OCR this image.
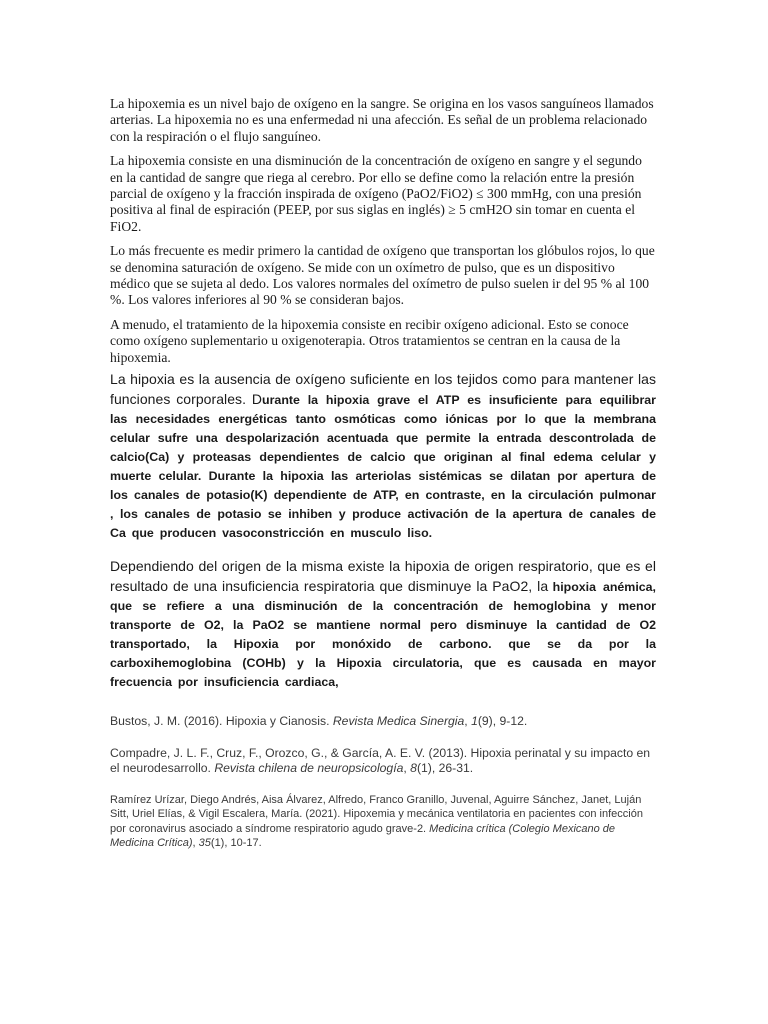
La hipoxemia es un nivel bajo de oxígeno en la sangre. Se origina en los vasos sanguíneos llamados arterias. La hipoxemia no es una enfermedad ni una afección. Es señal de un problema relacionado con la respiración o el flujo sanguíneo.

La hipoxemia consiste en una disminución de la concentración de oxígeno en sangre y el segundo en la cantidad de sangre que riega al cerebro. Por ello se define como la relación entre la presión parcial de oxígeno y la fracción inspirada de oxígeno (PaO2/FiO2) ≤ 300 mmHg, con una presión positiva al final de espiración (PEEP, por sus siglas en inglés) ≥ 5 cmH2O sin tomar en cuenta el FiO2.

Lo más frecuente es medir primero la cantidad de oxígeno que transportan los glóbulos rojos, lo que se denomina saturación de oxígeno. Se mide con un oxímetro de pulso, que es un dispositivo médico que se sujeta al dedo. Los valores normales del oxímetro de pulso suelen ir del 95 % al 100 %. Los valores inferiores al 90 % se consideran bajos.

A menudo, el tratamiento de la hipoxemia consiste en recibir oxígeno adicional. Esto se conoce como oxígeno suplementario u oxigenoterapia. Otros tratamientos se centran en la causa de la hipoxemia.

La hipoxia es la ausencia de oxígeno suficiente en los tejidos como para mantener las funciones corporales. Durante la hipoxia grave el ATP es insuficiente para equilibrar las necesidades energéticas tanto osmóticas como iónicas por lo que la membrana celular sufre una despolarización acentuada que permite la entrada descontrolada de calcio(Ca) y proteasas dependientes de calcio que originan al final edema celular y muerte celular. Durante la hipoxia las arteriolas sistémicas se dilatan por apertura de los canales de potasio(K) dependiente de ATP, en contraste, en la circulación pulmonar , los canales de potasio se inhiben y produce activación de la apertura de canales de Ca que producen vasoconstricción en musculo liso.

Dependiendo del origen de la misma existe la hipoxia de origen respiratorio, que es el resultado de una insuficiencia respiratoria que disminuye la PaO2, la hipoxia anémica, que se refiere a una disminución de la concentración de hemoglobina y menor transporte de O2, la PaO2 se mantiene normal pero disminuye la cantidad de O2 transportado, la Hipoxia por monóxido de carbono. que se da por la carboxihemoglobina (COHb) y la Hipoxia circulatoria, que es causada en mayor frecuencia por insuficiencia cardiaca,

Bustos, J. M. (2016). Hipoxia y Cianosis. Revista Medica Sinergia, 1(9), 9-12.

Compadre, J. L. F., Cruz, F., Orozco, G., & García, A. E. V. (2013). Hipoxia perinatal y su impacto en el neurodesarrollo. Revista chilena de neuropsicología, 8(1), 26-31.

Ramírez Urízar, Diego Andrés, Aisa Álvarez, Alfredo, Franco Granillo, Juvenal, Aguirre Sánchez, Janet, Luján Sitt, Uriel Elías, & Vigil Escalera, María. (2021). Hipoxemia y mecánica ventilatoria en pacientes con infección por coronavirus asociado a síndrome respiratorio agudo grave-2. Medicina crítica (Colegio Mexicano de Medicina Crítica), 35(1), 10-17.
